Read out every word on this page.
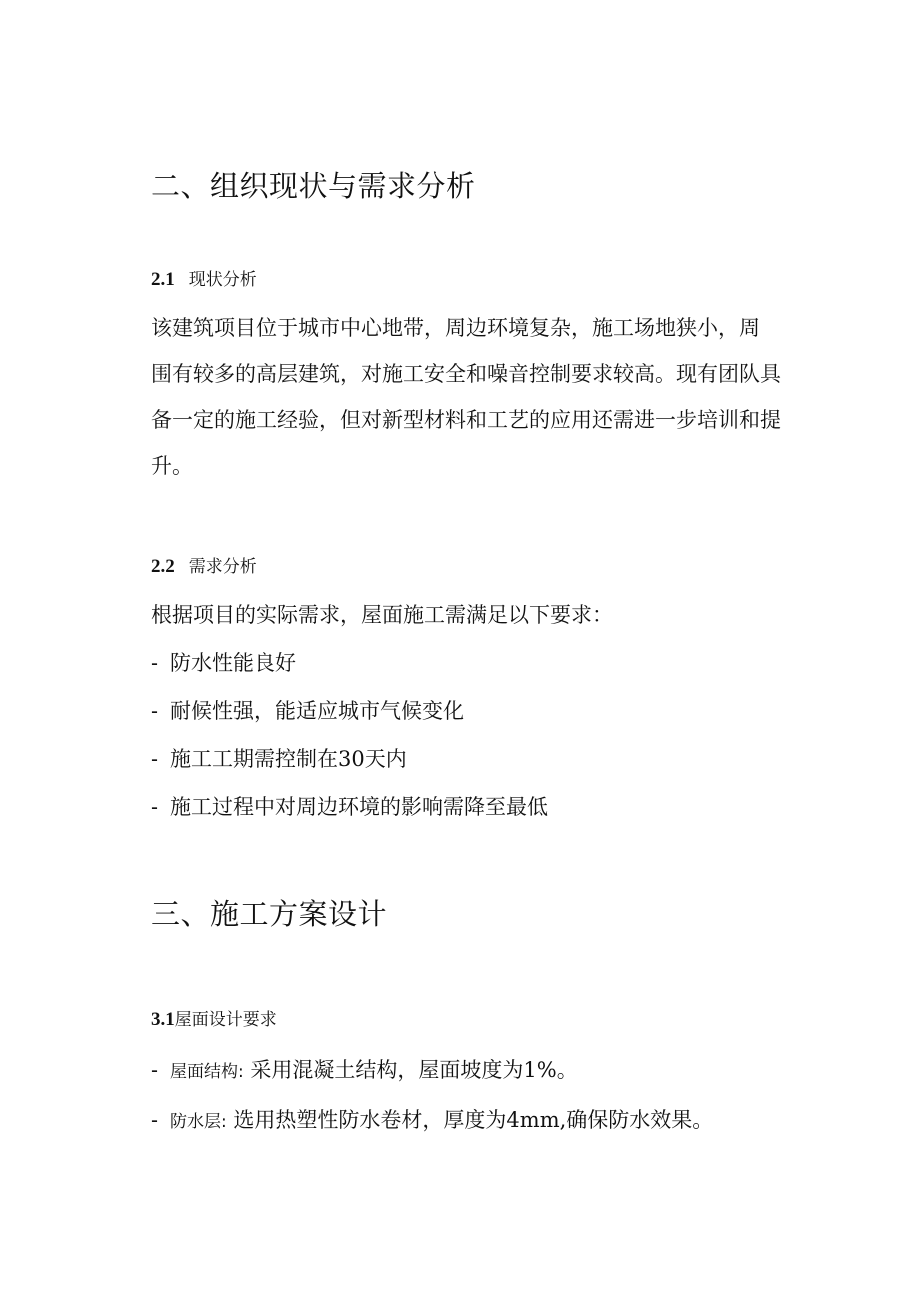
二、组织现状与需求分析
2.1 现状分析
该建筑项目位于城市中心地带，周边环境复杂，施工场地狭小，周
围有较多的高层建筑，对施工安全和噪音控制要求较高。现有团队具
备一定的施工经验，但对新型材料和工艺的应用还需进一步培训和提
升。
2.2 需求分析
根据项目的实际需求，屋面施工需满足以下要求：
- 防水性能良好
- 耐候性强，能适应城市气候变化
- 施工工期需控制在30天内
- 施工过程中对周边环境的影响需降至最低
三、施工方案设计
3.1屋面设计要求
- 屋面结构: 采用混凝土结构，屋面坡度为1%。
- 防水层: 选用热塑性防水卷材，厚度为4mm,确保防水效果。
